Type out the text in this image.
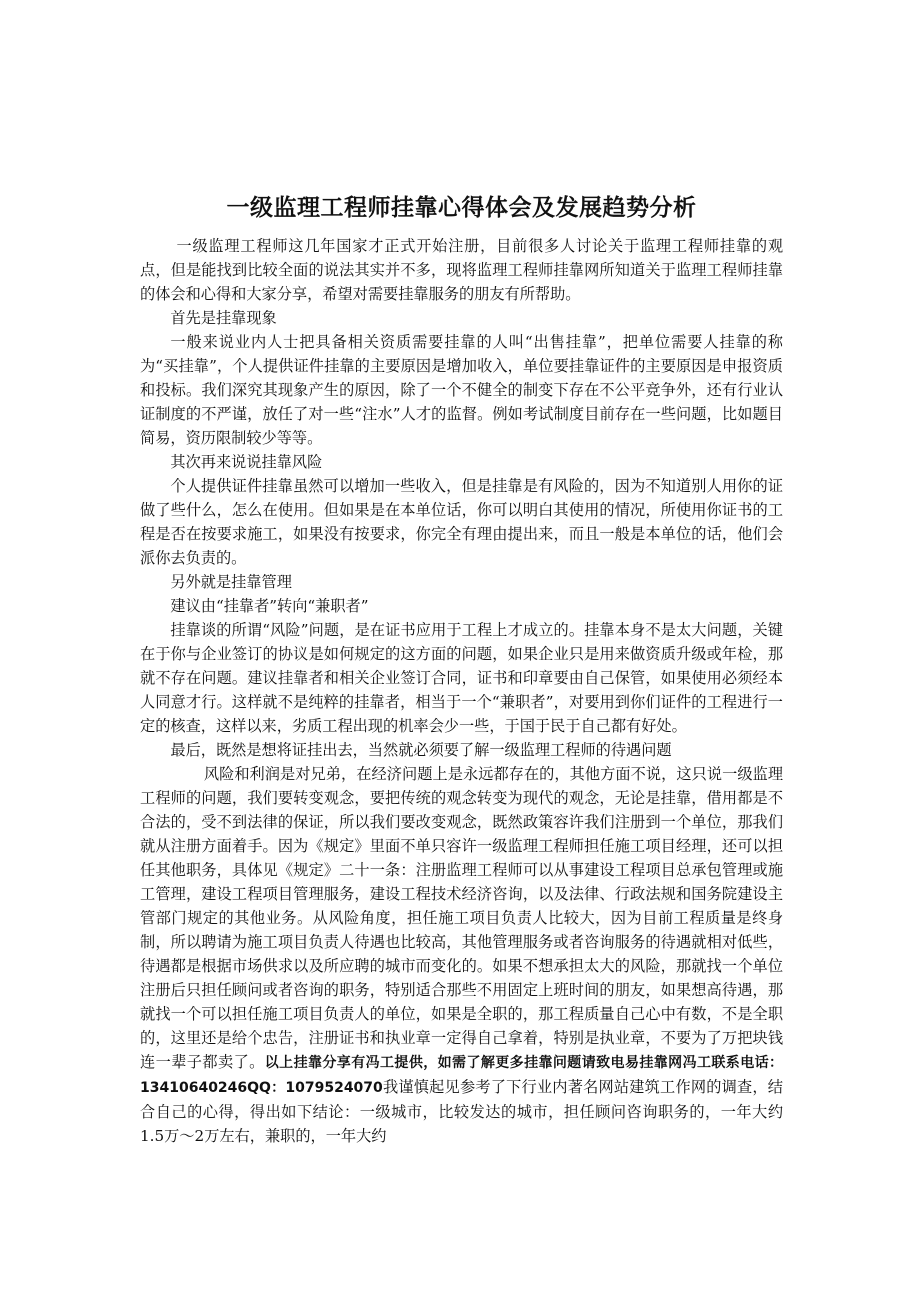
一级监理工程师挂靠心得体会及发展趋势分析

一级监理工程师这几年国家才正式开始注册，目前很多人讨论关于监理工程师挂靠的观点，但是能找到比较全面的说法其实并不多，现将监理工程师挂靠网所知道关于监理工程师挂靠的体会和心得和大家分享，希望对需要挂靠服务的朋友有所帮助。

首先是挂靠现象

一般来说业内人士把具备相关资质需要挂靠的人叫“出售挂靠”，把单位需要人挂靠的称为“买挂靠”，个人提供证件挂靠的主要原因是增加收入，单位要挂靠证件的主要原因是申报资质和投标。我们深究其现象产生的原因，除了一个不健全的制变下存在不公平竞争外，还有行业认证制度的不严谨，放任了对一些“注水”人才的监督。例如考试制度目前存在一些问题，比如题目简易，资历限制较少等等。

其次再来说说挂靠风险

个人提供证件挂靠虽然可以增加一些收入，但是挂靠是有风险的，因为不知道别人用你的证做了些什么，怎么在使用。但如果是在本单位话，你可以明白其使用的情况，所使用你证书的工程是否在按要求施工，如果没有按要求，你完全有理由提出来，而且一般是本单位的话，他们会派你去负责的。

另外就是挂靠管理

建议由“挂靠者”转向“兼职者”

挂靠谈的所谓“风险”问题，是在证书应用于工程上才成立的。挂靠本身不是太大问题，关键在于你与企业签订的协议是如何规定的这方面的问题，如果企业只是用来做资质升级或年检，那就不存在问题。建议挂靠者和相关企业签订合同，证书和印章要由自己保管，如果使用必须经本人同意才行。这样就不是纯粹的挂靠者，相当于一个“兼职者”，对要用到你们证件的工程进行一定的核查，这样以来，劣质工程出现的机率会少一些，于国于民于自己都有好处。

最后，既然是想将证挂出去，当然就必须要了解一级监理工程师的待遇问题

风险和利润是对兄弟，在经济问题上是永远都存在的，其他方面不说，这只说一级监理工程师的问题，我们要转变观念，要把传统的观念转变为现代的观念，无论是挂靠，借用都是不合法的，受不到法律的保证，所以我们要改变观念，既然政策容许我们注册到一个单位，那我们就从注册方面着手。因为《规定》里面不单只容许一级监理工程师担任施工项目经理，还可以担任其他职务，具体见《规定》二十一条：注册监理工程师可以从事建设工程项目总承包管理或施工管理，建设工程项目管理服务，建设工程技术经济咨询，以及法律、行政法规和国务院建设主管部门规定的其他业务。从风险角度，担任施工项目负责人比较大，因为目前工程质量是终身制，所以聘请为施工项目负责人待遇也比较高，其他管理服务或者咨询服务的待遇就相对低些，待遇都是根据市场供求以及所应聘的城市而变化的。如果不想承担太大的风险，那就找一个单位注册后只担任顾问或者咨询的职务，特别适合那些不用固定上班时间的朋友，如果想高待遇，那就找一个可以担任施工项目负责人的单位，如果是全职的，那工程质量自己心中有数，不是全职的，这里还是给个忠告，注册证书和执业章一定得自己拿着，特别是执业章，不要为了万把块钱连一辈子都卖了。以上挂靠分享有冯工提供，如需了解更多挂靠问题请致电易挂靠网冯工联系电话：13410640246QQ：1079524070我谨慎起见参考了下行业内著名网站建筑工作网的调查，结合自己的心得，得出如下结论：一级城市，比较发达的城市，担任顾问咨询职务的，一年大约1.5万～2万左右，兼职的，一年大约
